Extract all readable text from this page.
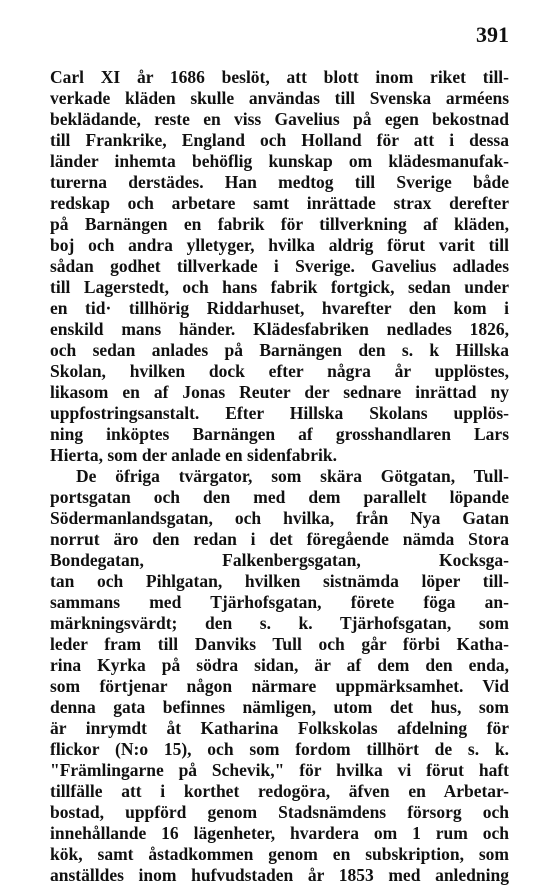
391
Carl XI år 1686 beslöt, att blott inom riket till-
verkade kläden skulle användas till Svenska arméens
beklädande, reste en viss Gavelius på egen bekostnad
till Frankrike, England och Holland för att i dessa
länder inhemta behöflig kunskap om klädesmanufak-
turerna derstädes. Han medtog till Sverige både
redskap och arbetare samt inrättade strax derefter
på Barnängen en fabrik för tillverkning af kläden,
boj och andra ylletyger, hvilka aldrig förut varit till
sådan godhet tillverkade i Sverige. Gavelius adlades
till Lagerstedt, och hans fabrik fortgick, sedan under
en tid· tillhörig Riddarhuset, hvarefter den kom i
enskild mans händer. Klädesfabriken nedlades 1826,
och sedan anlades på Barnängen den s. k Hillska
Skolan, hvilken dock efter några år upplöstes,
likasom en af Jonas Reuter der sednare inrättad ny
uppfostringsanstalt. Efter Hillska Skolans upplös-
ning inköptes Barnängen af grosshandlaren Lars
Hierta, som der anlade en sidenfabrik.
De öfriga tvärgator, som skära Götgatan, Tull-
portsgatan och den med dem parallelt löpande
Södermanlandsgatan, och hvilka, från Nya Gatan
norrut äro den redan i det föregående nämda Stora
Bondegatan, Falkenbergsgatan, Kocksga-
tan och Pihlgatan, hvilken sistnämda löper till-
sammans med Tjärhofsgatan, förete föga an-
märkningsvärdt; den s. k. Tjärhofsgatan, som
leder fram till Danviks Tull och går förbi Katha-
rina Kyrka på södra sidan, är af dem den enda,
som förtjenar någon närmare uppmärksamhet. Vid
denna gata befinnes nämligen, utom det hus, som
är inrymdt åt Katharina Folkskolas afdelning för
flickor (N:o 15), och som fordom tillhört de s. k.
"Främlingarne på Schevik," för hvilka vi förut haft
tillfälle att i korthet redogöra, äfven en Arbetar-
bostad, uppförd genom Stadsnämdens försorg och
innehållande 16 lägenheter, hvardera om 1 rum och
kök, samt åstadkommen genom en subskription, som
anställdes inom hufvudstaden år 1853 med anledning
